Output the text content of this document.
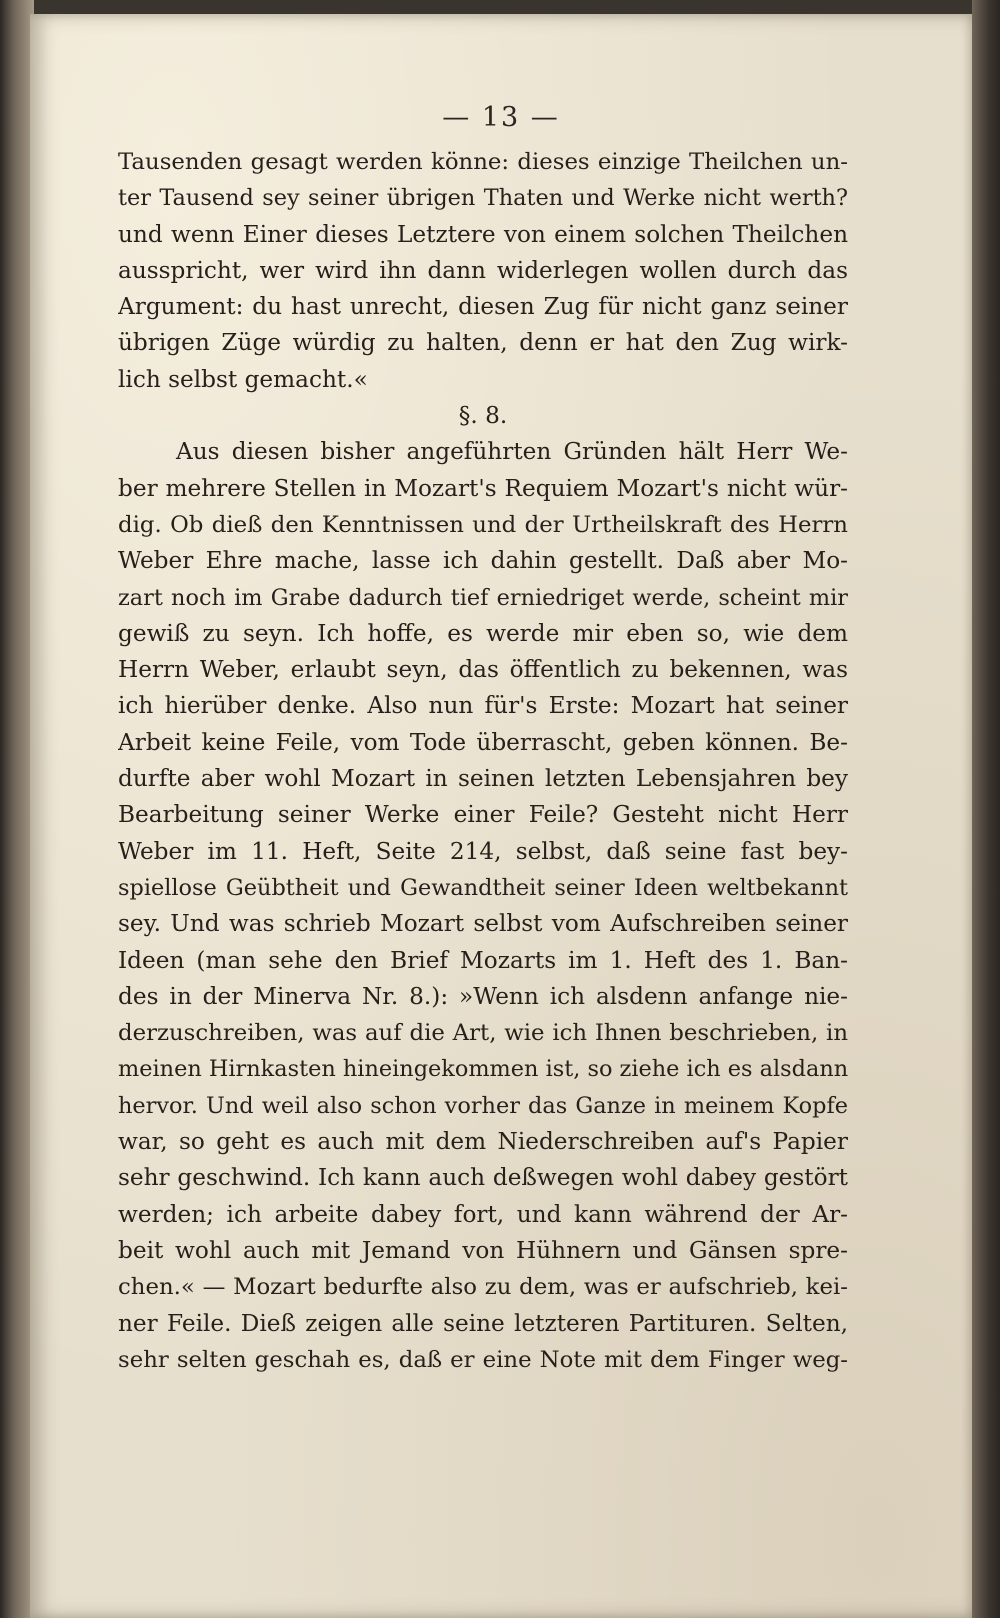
— 13 —
Tausenden gesagt werden könne: dieses einzige Theilchen un-
ter Tausend sey seiner übrigen Thaten und Werke nicht werth?
und wenn Einer dieses Letztere von einem solchen Theilchen
ausspricht, wer wird ihn dann widerlegen wollen durch das
Argument: du hast unrecht, diesen Zug für nicht ganz seiner
übrigen Züge würdig zu halten, denn er hat den Zug wirk-
lich selbst gemacht.«
§. 8.
Aus diesen bisher angeführten Gründen hält Herr We-
ber mehrere Stellen in Mozart's Requiem Mozart's nicht wür-
dig. Ob dieß den Kenntnissen und der Urtheilskraft des Herrn
Weber Ehre mache, lasse ich dahin gestellt. Daß aber Mo-
zart noch im Grabe dadurch tief erniedriget werde, scheint mir
gewiß zu seyn. Ich hoffe, es werde mir eben so, wie dem
Herrn Weber, erlaubt seyn, das öffentlich zu bekennen, was
ich hierüber denke. Also nun für's Erste: Mozart hat seiner
Arbeit keine Feile, vom Tode überrascht, geben können. Be-
durfte aber wohl Mozart in seinen letzten Lebensjahren bey
Bearbeitung seiner Werke einer Feile? Gesteht nicht Herr
Weber im 11. Heft, Seite 214, selbst, daß seine fast bey-
spiellose Geübtheit und Gewandtheit seiner Ideen weltbekannt
sey. Und was schrieb Mozart selbst vom Aufschreiben seiner
Ideen (man sehe den Brief Mozarts im 1. Heft des 1. Ban-
des in der Minerva Nr. 8.): »Wenn ich alsdenn anfange nie-
derzuschreiben, was auf die Art, wie ich Ihnen beschrieben, in
meinen Hirnkasten hineingekommen ist, so ziehe ich es alsdann
hervor. Und weil also schon vorher das Ganze in meinem Kopfe
war, so geht es auch mit dem Niederschreiben auf's Papier
sehr geschwind. Ich kann auch deßwegen wohl dabey gestört
werden; ich arbeite dabey fort, und kann während der Ar-
beit wohl auch mit Jemand von Hühnern und Gänsen spre-
chen.« — Mozart bedurfte also zu dem, was er aufschrieb, kei-
ner Feile. Dieß zeigen alle seine letzteren Partituren. Selten,
sehr selten geschah es, daß er eine Note mit dem Finger weg-
